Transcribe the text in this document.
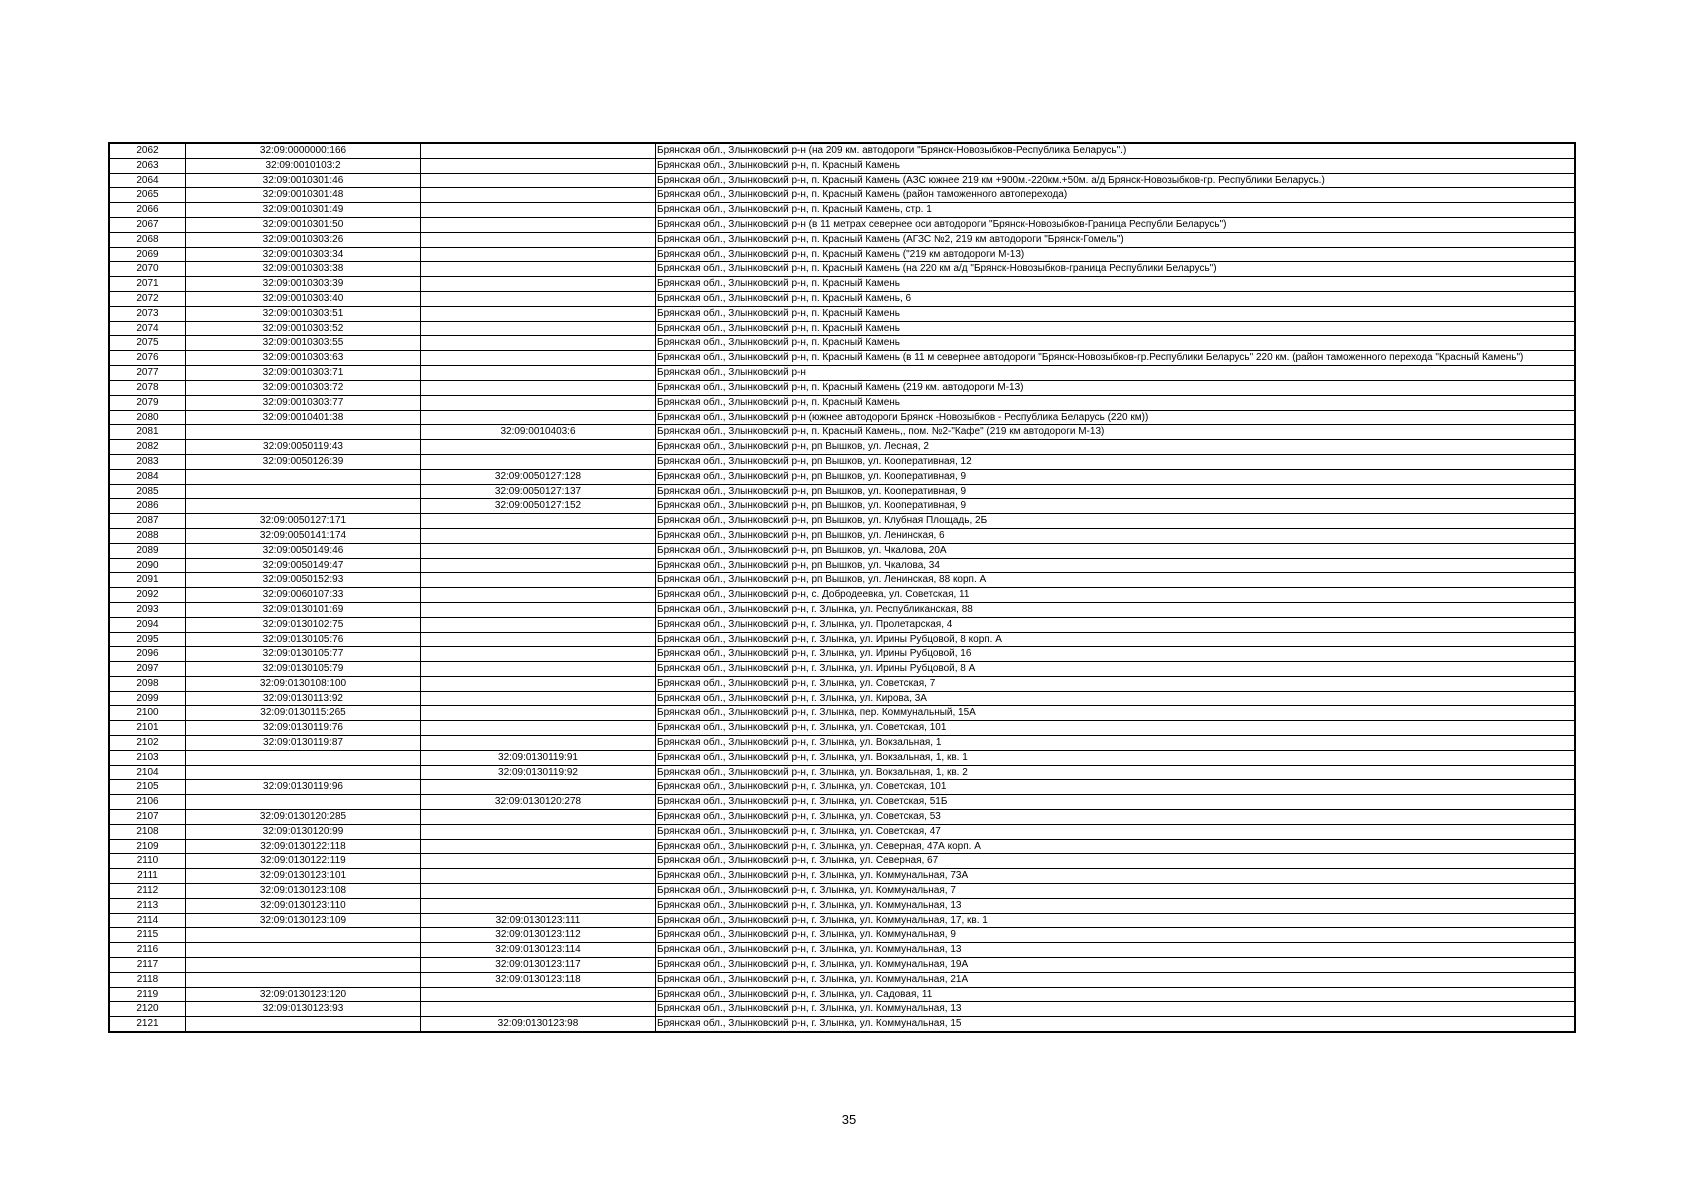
2062	32:09:0000000:166		Брянская обл., Злынковский р-н (на 209 км. автодороги "Брянск-Новозыбков-Республика Беларусь".)
2063	32:09:0010103:2		Брянская обл., Злынковский р-н, п. Красный Камень
2064	32:09:0010301:46		Брянская обл., Злынковский р-н, п. Красный Камень (АЗС южнее 219 км +900м.-220км.+50м. а/д Брянск-Новозыбков-гр. Республики Беларусь.)
2065	32:09:0010301:48		Брянская обл., Злынковский р-н, п. Красный Камень (район таможенного автоперехода)
2066	32:09:0010301:49		Брянская обл., Злынковский р-н, п. Красный Камень, стр. 1
2067	32:09:0010301:50		Брянская обл., Злынковский р-н (в 11 метрах севернее оси автодороги "Брянск-Новозыбков-Граница Республи Беларусь")
2068	32:09:0010303:26		Брянская обл., Злынковский р-н, п. Красный Камень (АГЗС №2, 219 км автодороги "Брянск-Гомель")
2069	32:09:0010303:34		Брянская обл., Злынковский р-н, п. Красный Камень ("219 км автодороги М-13)
2070	32:09:0010303:38		Брянская обл., Злынковский р-н, п. Красный Камень (на 220 км а/д "Брянск-Новозыбков-граница Республики Беларусь")
2071	32:09:0010303:39		Брянская обл., Злынковский р-н, п. Красный Камень
2072	32:09:0010303:40		Брянская обл., Злынковский р-н, п. Красный Камень, 6
2073	32:09:0010303:51		Брянская обл., Злынковский р-н, п. Красный Камень
2074	32:09:0010303:52		Брянская обл., Злынковский р-н, п. Красный Камень
2075	32:09:0010303:55		Брянская обл., Злынковский р-н, п. Красный Камень
2076	32:09:0010303:63		Брянская обл., Злынковский р-н, п. Красный Камень (в 11 м севернее автодороги "Брянск-Новозыбков-гр.Республики Беларусь" 220 км. (район таможенного перехода "Красный Камень")
2077	32:09:0010303:71		Брянская обл., Злынковский р-н
2078	32:09:0010303:72		Брянская обл., Злынковский р-н, п. Красный Камень (219 км. автодороги М-13)
2079	32:09:0010303:77		Брянская обл., Злынковский р-н, п. Красный Камень
2080	32:09:0010401:38		Брянская обл., Злынковский р-н (южнее автодороги Брянск -Новозыбков - Республика Беларусь (220 км))
2081		32:09:0010403:6	Брянская обл., Злынковский р-н, п. Красный Камень,, пом. №2-"Кафе" (219 км автодороги М-13)
2082	32:09:0050119:43		Брянская обл., Злынковский р-н, рп Вышков, ул. Лесная, 2
2083	32:09:0050126:39		Брянская обл., Злынковский р-н, рп Вышков, ул. Кооперативная, 12
2084		32:09:0050127:128	Брянская обл., Злынковский р-н, рп Вышков, ул. Кооперативная, 9
2085		32:09:0050127:137	Брянская обл., Злынковский р-н, рп Вышков, ул. Кооперативная, 9
2086		32:09:0050127:152	Брянская обл., Злынковский р-н, рп Вышков, ул. Кооперативная, 9
2087	32:09:0050127:171		Брянская обл., Злынковский р-н, рп Вышков, ул. Клубная Площадь, 2Б
2088	32:09:0050141:174		Брянская обл., Злынковский р-н, рп Вышков, ул. Ленинская, 6
2089	32:09:0050149:46		Брянская обл., Злынковский р-н, рп Вышков, ул. Чкалова, 20А
2090	32:09:0050149:47		Брянская обл., Злынковский р-н, рп Вышков, ул. Чкалова, 34
2091	32:09:0050152:93		Брянская обл., Злынковский р-н, рп Вышков, ул. Ленинская, 88 корп. А
2092	32:09:0060107:33		Брянская обл., Злынковский р-н, с. Добродеевка, ул. Советская, 11
2093	32:09:0130101:69		Брянская обл., Злынковский р-н, г. Злынка, ул. Республиканская, 88
2094	32:09:0130102:75		Брянская обл., Злынковский р-н, г. Злынка, ул. Пролетарская, 4
2095	32:09:0130105:76		Брянская обл., Злынковский р-н, г. Злынка, ул. Ирины Рубцовой, 8 корп. А
2096	32:09:0130105:77		Брянская обл., Злынковский р-н, г. Злынка, ул. Ирины Рубцовой, 16
2097	32:09:0130105:79		Брянская обл., Злынковский р-н, г. Злынка, ул. Ирины Рубцовой, 8 А
2098	32:09:0130108:100		Брянская обл., Злынковский р-н, г. Злынка, ул. Советская, 7
2099	32:09:0130113:92		Брянская обл., Злынковский р-н, г. Злынка, ул. Кирова, 3А
2100	32:09:0130115:265		Брянская обл., Злынковский р-н, г. Злынка, пер. Коммунальный, 15А
2101	32:09:0130119:76		Брянская обл., Злынковский р-н, г. Злынка, ул. Советская, 101
2102	32:09:0130119:87		Брянская обл., Злынковский р-н, г. Злынка, ул. Вокзальная, 1
2103		32:09:0130119:91	Брянская обл., Злынковский р-н, г. Злынка, ул. Вокзальная, 1, кв. 1
2104		32:09:0130119:92	Брянская обл., Злынковский р-н, г. Злынка, ул. Вокзальная, 1, кв. 2
2105	32:09:0130119:96		Брянская обл., Злынковский р-н, г. Злынка, ул. Советская, 101
2106		32:09:0130120:278	Брянская обл., Злынковский р-н, г. Злынка, ул. Советская, 51Б
2107	32:09:0130120:285		Брянская обл., Злынковский р-н, г. Злынка, ул. Советская, 53
2108	32:09:0130120:99		Брянская обл., Злынковский р-н, г. Злынка, ул. Советская, 47
2109	32:09:0130122:118		Брянская обл., Злынковский р-н, г. Злынка, ул. Северная, 47А корп. А
2110	32:09:0130122:119		Брянская обл., Злынковский р-н, г. Злынка, ул. Северная, 67
2111	32:09:0130123:101		Брянская обл., Злынковский р-н, г. Злынка, ул. Коммунальная, 73А
2112	32:09:0130123:108		Брянская обл., Злынковский р-н, г. Злынка, ул. Коммунальная, 7
2113	32:09:0130123:110		Брянская обл., Злынковский р-н, г. Злынка, ул. Коммунальная, 13
2114	32:09:0130123:109	32:09:0130123:111	Брянская обл., Злынковский р-н, г. Злынка, ул. Коммунальная, 17, кв. 1
2115		32:09:0130123:112	Брянская обл., Злынковский р-н, г. Злынка, ул. Коммунальная, 9
2116		32:09:0130123:114	Брянская обл., Злынковский р-н, г. Злынка, ул. Коммунальная, 13
2117		32:09:0130123:117	Брянская обл., Злынковский р-н, г. Злынка, ул. Коммунальная, 19А
2118		32:09:0130123:118	Брянская обл., Злынковский р-н, г. Злынка, ул. Коммунальная, 21А
2119	32:09:0130123:120		Брянская обл., Злынковский р-н, г. Злынка, ул. Садовая, 11
2120	32:09:0130123:93		Брянская обл., Злынковский р-н, г. Злынка, ул. Коммунальная, 13
2121		32:09:0130123:98	Брянская обл., Злынковский р-н, г. Злынка, ул. Коммунальная, 15
35
